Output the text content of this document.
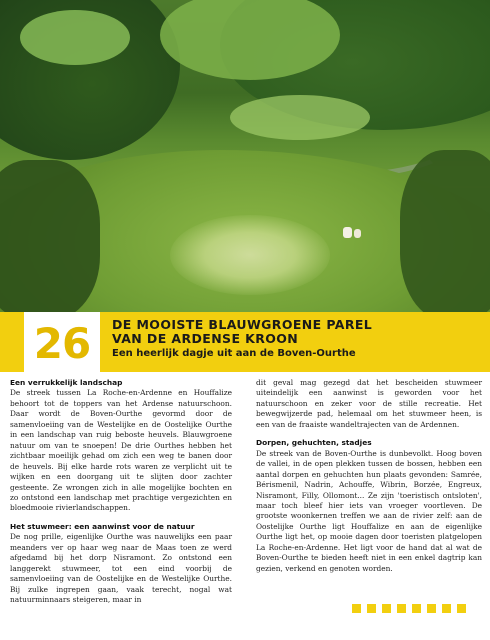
26	DE MOOISTE BLAUWGROENE PAREL
VAN DE ARDENSE KROON
Een heerlijk dagje uit aan de Boven-Ourthe
Een verrukkelijk landschap

De streek tussen La Roche-en-Ardenne en Houffalize behoort tot de toppers van het Ardense natuurschoon. Daar wordt de Boven-Ourthe gevormd door de samenvloeiing van de Westelijke en de Oostelijke Ourthe in een landschap van ruig beboste heuvels. Blauwgroene natuur om van te snoepen! De drie Ourthes hebben het zichtbaar moeilijk gehad om zich een weg te banen door de heuvels. Bij elke harde rots waren ze verplicht uit te wijken en een doorgang uit te slijten door zachter gesteente. Ze wrongen zich in alle mogelijke bochten en zo ontstond een landschap met prachtige vergezichten en bloedmooie rivierlandschappen.

Het stuwmeer: een aanwinst voor de natuur

De nog prille, eigenlijke Ourthe was nauwelijks een paar meanders ver op haar weg naar de Maas toen ze werd afgedamd bij het dorp Nisramont. Zo ontstond een langgerekt stuwmeer, tot een eind voorbij de samenvloeiing van de Oostelijke en de Westelijke Ourthe. Bij zulke ingrepen gaan, vaak terecht, nogal wat natuurminnaars steigeren, maar in

dit geval mag gezegd dat het bescheiden stuwmeer uiteindelijk een aanwinst is geworden voor het natuurschoon en zeker voor de stille recreatie. Het bewegwijzerde pad, helemaal om het stuwmeer heen, is een van de fraaiste wandeltrajecten van de Ardennen.

Dorpen, gehuchten, stadjes

De streek van de Boven-Ourthe is dunbevolkt. Hoog boven de vallei, in de open plekken tussen de bossen, hebben een aantal dorpen en gehuchten hun plaats gevonden: Samrée, Bérismenil, Nadrin, Achouffe, Wibrin, Borzée, Engreux, Nisramont, Filly, Ollomont... Ze zijn 'toeristisch ontsloten', maar toch bleef hier iets van vroeger voortleven. De grootste woonkernen treffen we aan de rivier zelf: aan de Oostelijke Ourthe ligt Houffalize en aan de eigenlijke Ourthe ligt het, op mooie dagen door toeristen platgelopen La Roche-en-Ardenne. Het ligt voor de hand dat al wat de Boven-Ourthe te bieden heeft niet in een enkel dagtrip kan gezien, verkend en genoten worden.
